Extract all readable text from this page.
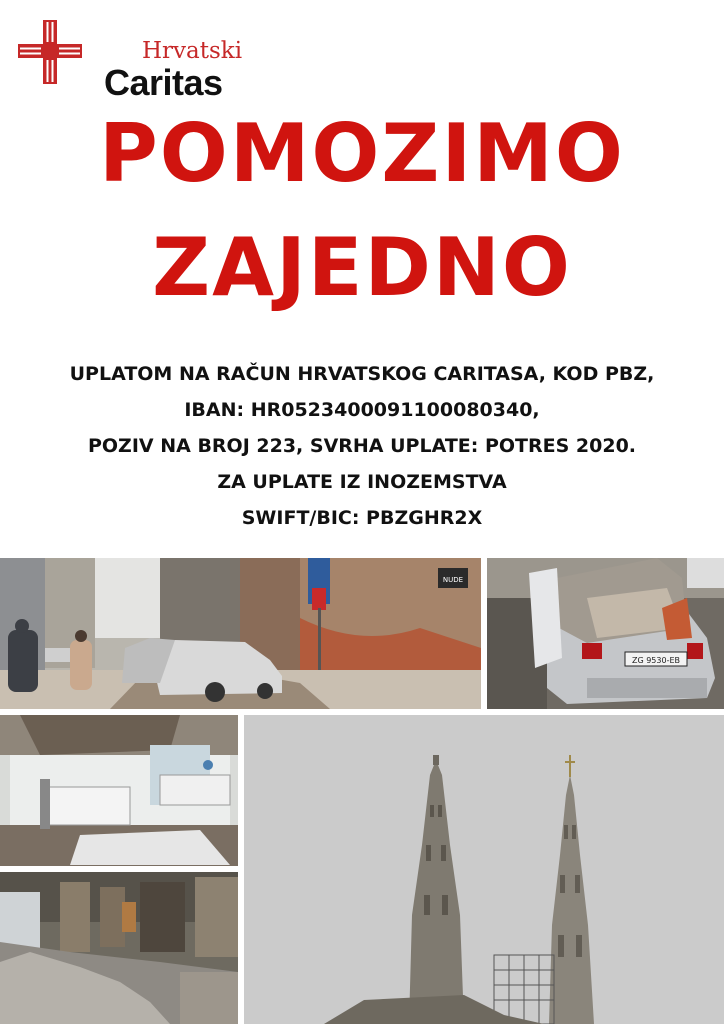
Hrvatski
Caritas
POMOZIMO
ZAJEDNO
UPLATOM NA RAČUN HRVATSKOG CARITASA, KOD PBZ,
IBAN: HR0523400091100080340,
POZIV NA BROJ 223, SVRHA UPLATE: POTRES 2020.
ZA UPLATE IZ INOZEMSTVA
SWIFT/BIC: PBZGHR2X
NUDE
ZG 9530-EB
